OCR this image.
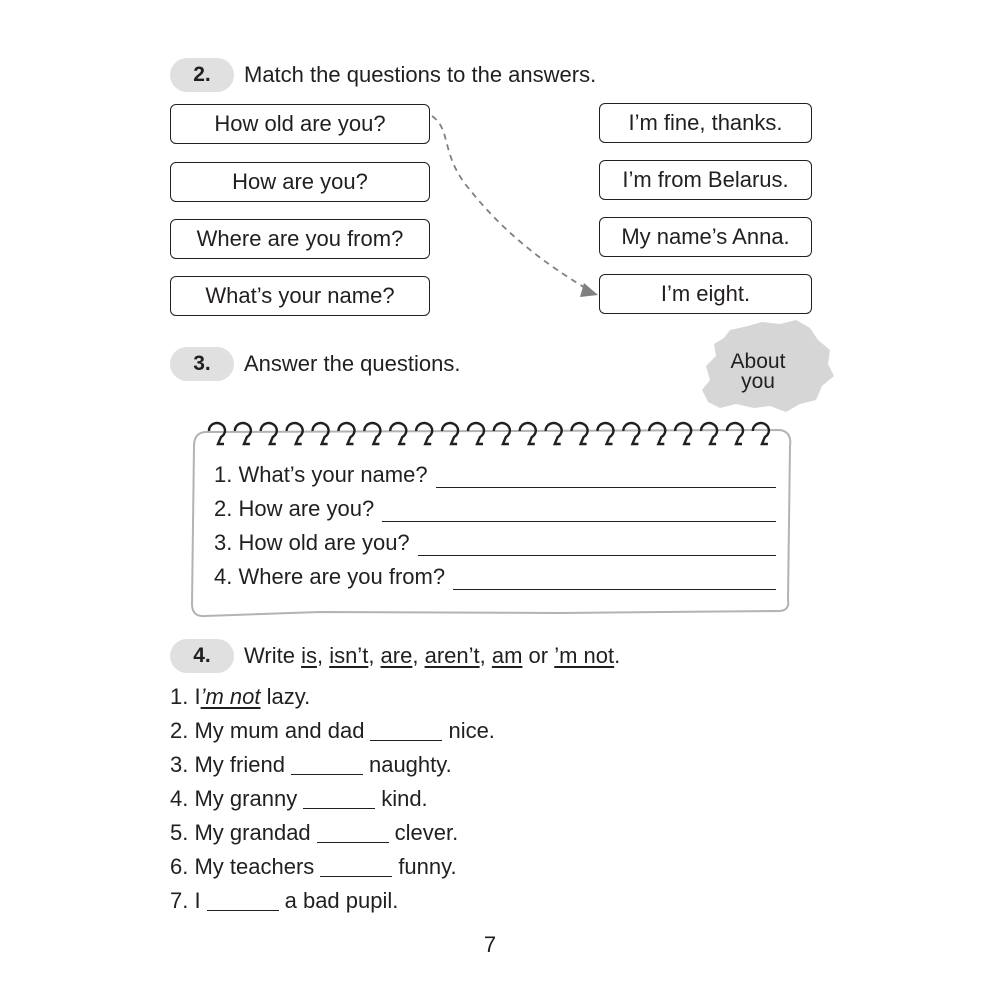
2.	Match the questions to the answers.
How old are you?
How are you?
Where are you from?
What’s your name?
I’m fine, thanks.
I’m from Belarus.
My name’s Anna.
I’m eight.
3.	Answer the questions.	About
you
1. What’s your name?
2. How are you?
3. How old are you?
4. Where are you from?
4.	Write is, isn’t, are, aren’t, am or ’m not.
1. I’m not lazy.
2. My mum and dad	nice.
3. My friend	naughty.
4. My granny	kind.
5. My grandad	clever.
6. My teachers	funny.
7. I	a bad pupil.
7
